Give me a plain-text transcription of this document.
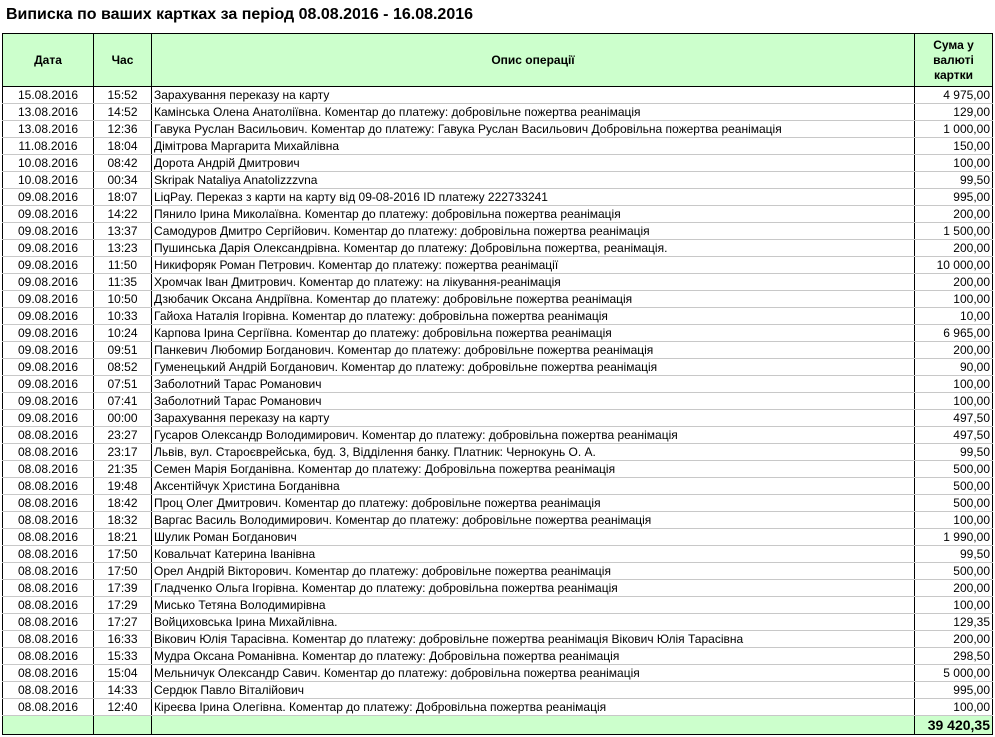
Виписка по ваших картках за період 08.08.2016 - 16.08.2016
Дата	Час	Опис операції	Сума у
валюті
картки
15.08.2016	15:52	Зарахування переказу на карту	4 975,00
13.08.2016	14:52	Камінська Олена Анатоліївна. Коментар до платежу: добровільне пожертва реанімація	129,00
13.08.2016	12:36	Гавука Руслан Васильович. Коментар до платежу: Гавука Руслан Васильович Добровільна пожертва реанімація	1 000,00
11.08.2016	18:04	Дімітрова Маргарита Михайлівна	150,00
10.08.2016	08:42	Дорота Андрій Дмитрович	100,00
10.08.2016	00:34	Skripak Nataliya Anatolizzzvna	99,50
09.08.2016	18:07	LiqPay. Переказ з карти на карту від 09-08-2016 ID платежу 222733241	995,00
09.08.2016	14:22	Пянило Ірина Миколаївна. Коментар до платежу: добровільна пожертва реанімація	200,00
09.08.2016	13:37	Самодуров Дмитро Сергійович. Коментар до платежу: добровільна пожертва реанімація	1 500,00
09.08.2016	13:23	Пушинська Дарія Олександрівна. Коментар до платежу: Добровільна пожертва, реанімація.	200,00
09.08.2016	11:50	Никифоряк Роман Петрович. Коментар до платежу: пожертва реанімації	10 000,00
09.08.2016	11:35	Хромчак Іван Дмитрович. Коментар до платежу: на лікування-реанімація	200,00
09.08.2016	10:50	Дзюбачик Оксана Андріївна. Коментар до платежу: добровільне пожертва реанімація	100,00
09.08.2016	10:33	Гайоха Наталія Ігорівна. Коментар до платежу: добровільна пожертва реанімація	10,00
09.08.2016	10:24	Карпова Ірина Сергіївна. Коментар до платежу: добровільна пожертва реанімація	6 965,00
09.08.2016	09:51	Панкевич Любомир Богданович. Коментар до платежу: добровільне пожертва реанімація	200,00
09.08.2016	08:52	Гуменецький Андрій Богданович. Коментар до платежу: добровільне пожертва реанімація	90,00
09.08.2016	07:51	Заболотний Тарас Романович	100,00
09.08.2016	07:41	Заболотний Тарас Романович	100,00
09.08.2016	00:00	Зарахування переказу на карту	497,50
08.08.2016	23:27	Гусаров Олександр Володимирович. Коментар до платежу: добровільна пожертва реанімація	497,50
08.08.2016	23:17	Львів, вул. Староєврейська, буд. 3, Відділення банку. Платник: Чернокунь О. А.	99,50
08.08.2016	21:35	Семен Марія Богданівна. Коментар до платежу: Добровільна пожертва реанімація	500,00
08.08.2016	19:48	Аксентійчук Христина Богданівна	500,00
08.08.2016	18:42	Проц Олег Дмитрович. Коментар до платежу: добровільне пожертва реанімація	500,00
08.08.2016	18:32	Варгас Василь Володимирович. Коментар до платежу: добровільне пожертва реанімація	100,00
08.08.2016	18:21	Шулик Роман Богданович	1 990,00
08.08.2016	17:50	Ковальчат Катерина Іванівна	99,50
08.08.2016	17:50	Орел Андрій Вікторович. Коментар до платежу: добровільне пожертва реанімація	500,00
08.08.2016	17:39	Гладченко Ольга Ігорівна. Коментар до платежу: добровільна пожертва реанімація	200,00
08.08.2016	17:29	Мисько Тетяна Володимирівна	100,00
08.08.2016	17:27	Войциховська Ірина Михайлівна.	129,35
08.08.2016	16:33	Вікович Юлія Тарасівна. Коментар до платежу: добровільне пожертва реанімація Вікович Юлія Тарасівна	200,00
08.08.2016	15:33	Мудра Оксана Романівна. Коментар до платежу: Добровільна пожертва реанімація	298,50
08.08.2016	15:04	Мельничук Олександр Савич. Коментар до платежу: добровільна пожертва реанімація	5 000,00
08.08.2016	14:33	Сердюк Павло Віталійович	995,00
08.08.2016	12:40	Кіреєва Ірина Олегівна. Коментар до платежу: Добровільна пожертва реанімація	100,00
			39 420,35
